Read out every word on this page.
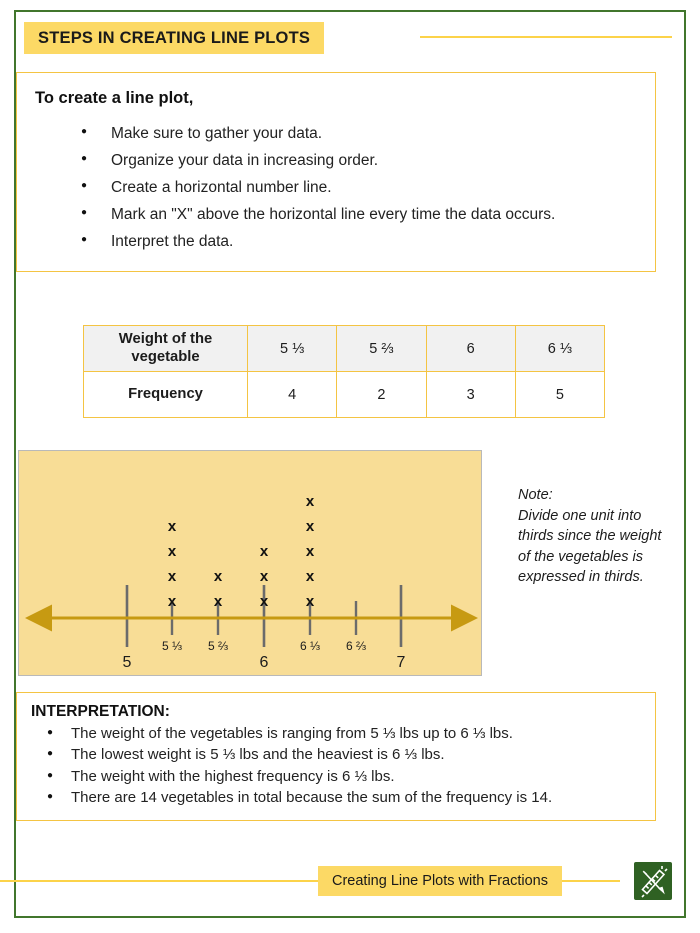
STEPS IN CREATING LINE PLOTS
To create a line plot,
● Make sure to gather your data.
● Organize your data in increasing order.
● Create a horizontal number line.
● Mark an "X" above the horizontal line every time the data occurs.
● Interpret the data.
Weight of the vegetable	5 ⅓	5 ⅔	6	6 ⅓
Frequency	4	2	3	5
x
x
x
x
x
x
x
x
x
x
x
x
x
x
5 ⅓ 5 ⅔	6 ⅓ 6 ⅔
5	6	7
Note:
Divide one unit into thirds since the weight of the vegetables is expressed in thirds.
INTERPRETATION:
● The weight of the vegetables is ranging from 5 ⅓ lbs up to 6 ⅓ lbs.
● The lowest weight is 5 ⅓ lbs and the heaviest is 6 ⅓ lbs.
● The weight with the highest frequency is 6 ⅓ lbs.
● There are 14 vegetables in total because the sum of the frequency is 14.
Creating Line Plots with Fractions
